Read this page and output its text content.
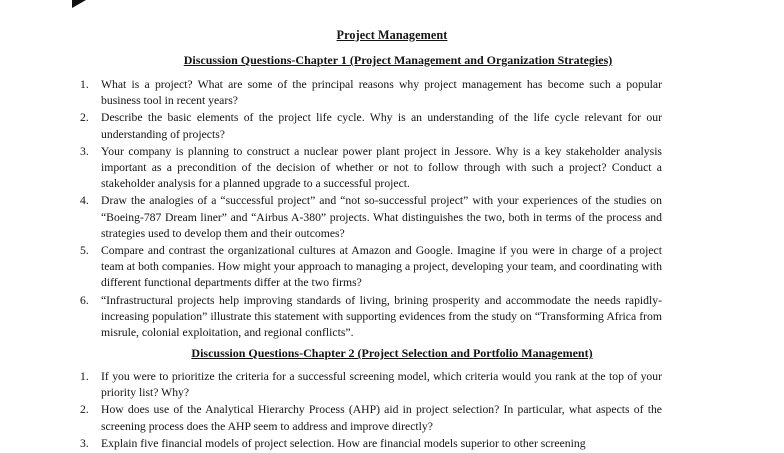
Project Management
Discussion Questions-Chapter 1 (Project Management and Organization Strategies)
1. What is a project? What are some of the principal reasons why project management has become such a popular business tool in recent years?
2. Describe the basic elements of the project life cycle. Why is an understanding of the life cycle relevant for our understanding of projects?
3. Your company is planning to construct a nuclear power plant project in Jessore. Why is a key stakeholder analysis important as a precondition of the decision of whether or not to follow through with such a project? Conduct a stakeholder analysis for a planned upgrade to a successful project.
4. Draw the analogies of a “successful project” and “not so-successful project” with your experiences of the studies on “Boeing-787 Dream liner” and “Airbus A-380” projects. What distinguishes the two, both in terms of the process and strategies used to develop them and their outcomes?
5. Compare and contrast the organizational cultures at Amazon and Google. Imagine if you were in charge of a project team at both companies. How might your approach to managing a project, developing your team, and coordinating with different functional departments differ at the two firms?
6. “Infrastructural projects help improving standards of living, brining prosperity and accommodate the needs rapidly-increasing population” illustrate this statement with supporting evidences from the study on “Transforming Africa from misrule, colonial exploitation, and regional conflicts”.
Discussion Questions-Chapter 2 (Project Selection and Portfolio Management)
1. If you were to prioritize the criteria for a successful screening model, which criteria would you rank at the top of your priority list? Why?
2. How does use of the Analytical Hierarchy Process (AHP) aid in project selection? In particular, what aspects of the screening process does the AHP seem to address and improve directly?
3. Explain five financial models of project selection. How are financial models superior to other screening
